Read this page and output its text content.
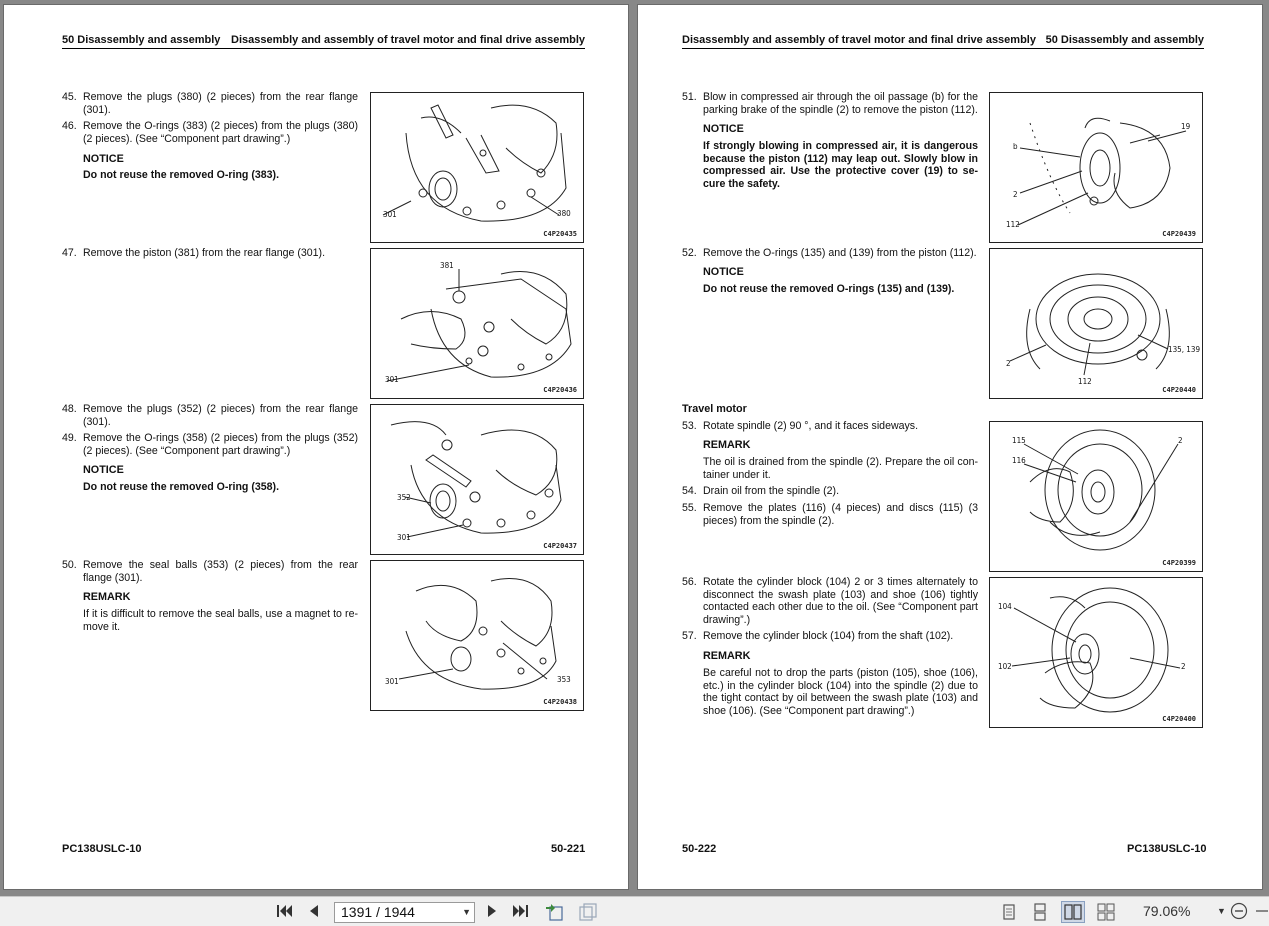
50 Disassembly and assembly Disassembly and assembly of travel motor and final drive assembly
45. Remove the plugs (380) (2 pieces) from the rear flange (301).
46. Remove the O-rings (383) (2 pieces) from the plugs (380) (2 pieces). (See “Component part drawing”.)
NOTICE
Do not reuse the removed O-ring (383).
47. Remove the piston (381) from the rear flange (301).
48. Remove the plugs (352) (2 pieces) from the rear flange (301).
49. Remove the O-rings (358) (2 pieces) from the plugs (352) (2 pieces). (See “Component part drawing”.)
NOTICE
Do not reuse the removed O-ring (358).
50. Remove the seal balls (353) (2 pieces) from the rear flange (301).
REMARK
If it is difficult to remove the seal balls, use a magnet to re-move it.
301	380
C4P20435
381
301
C4P20436
352
301
C4P20437
301	353
C4P20438
PC138USLC-10	50-221
Disassembly and assembly of travel motor and final drive assembly 50 Disassembly and assembly
51. Blow in compressed air through the oil passage (b) for the parking brake of the spindle (2) to remove the piston (112).
NOTICE
If strongly blowing in compressed air, it is dangerous because the piston (112) may leap out. Slowly blow in compressed air. Use the protective cover (19) to se-cure the safety.
52. Remove the O-rings (135) and (139) from the piston (112).
NOTICE
Do not reuse the removed O-rings (135) and (139).
Travel motor
53. Rotate spindle (2) 90 °, and it faces sideways.
REMARK
The oil is drained from the spindle (2). Prepare the oil con-tainer under it.
54. Drain oil from the spindle (2).
55. Remove the plates (116) (4 pieces) and discs (115) (3 pieces) from the spindle (2).
56. Rotate the cylinder block (104) 2 or 3 times alternately to disconnect the swash plate (103) and shoe (106) tightly contacted each other due to the oil. (See “Component part drawing”.)
57. Remove the cylinder block (104) from the shaft (102).
REMARK
Be careful not to drop the parts (piston (105), shoe (106), etc.) in the cylinder block (104) into the spindle (2) due to the tight contact by oil between the swash plate (103) and shoe (106). (See “Component part drawing”.)
19
b
2
112
C4P20439
2
112
135, 139
C4P20440
115
116
2
C4P20399
104
102	2
C4P20400
50-222	PC138USLC-10
1391 / 1944	▼	79.06%	▼
